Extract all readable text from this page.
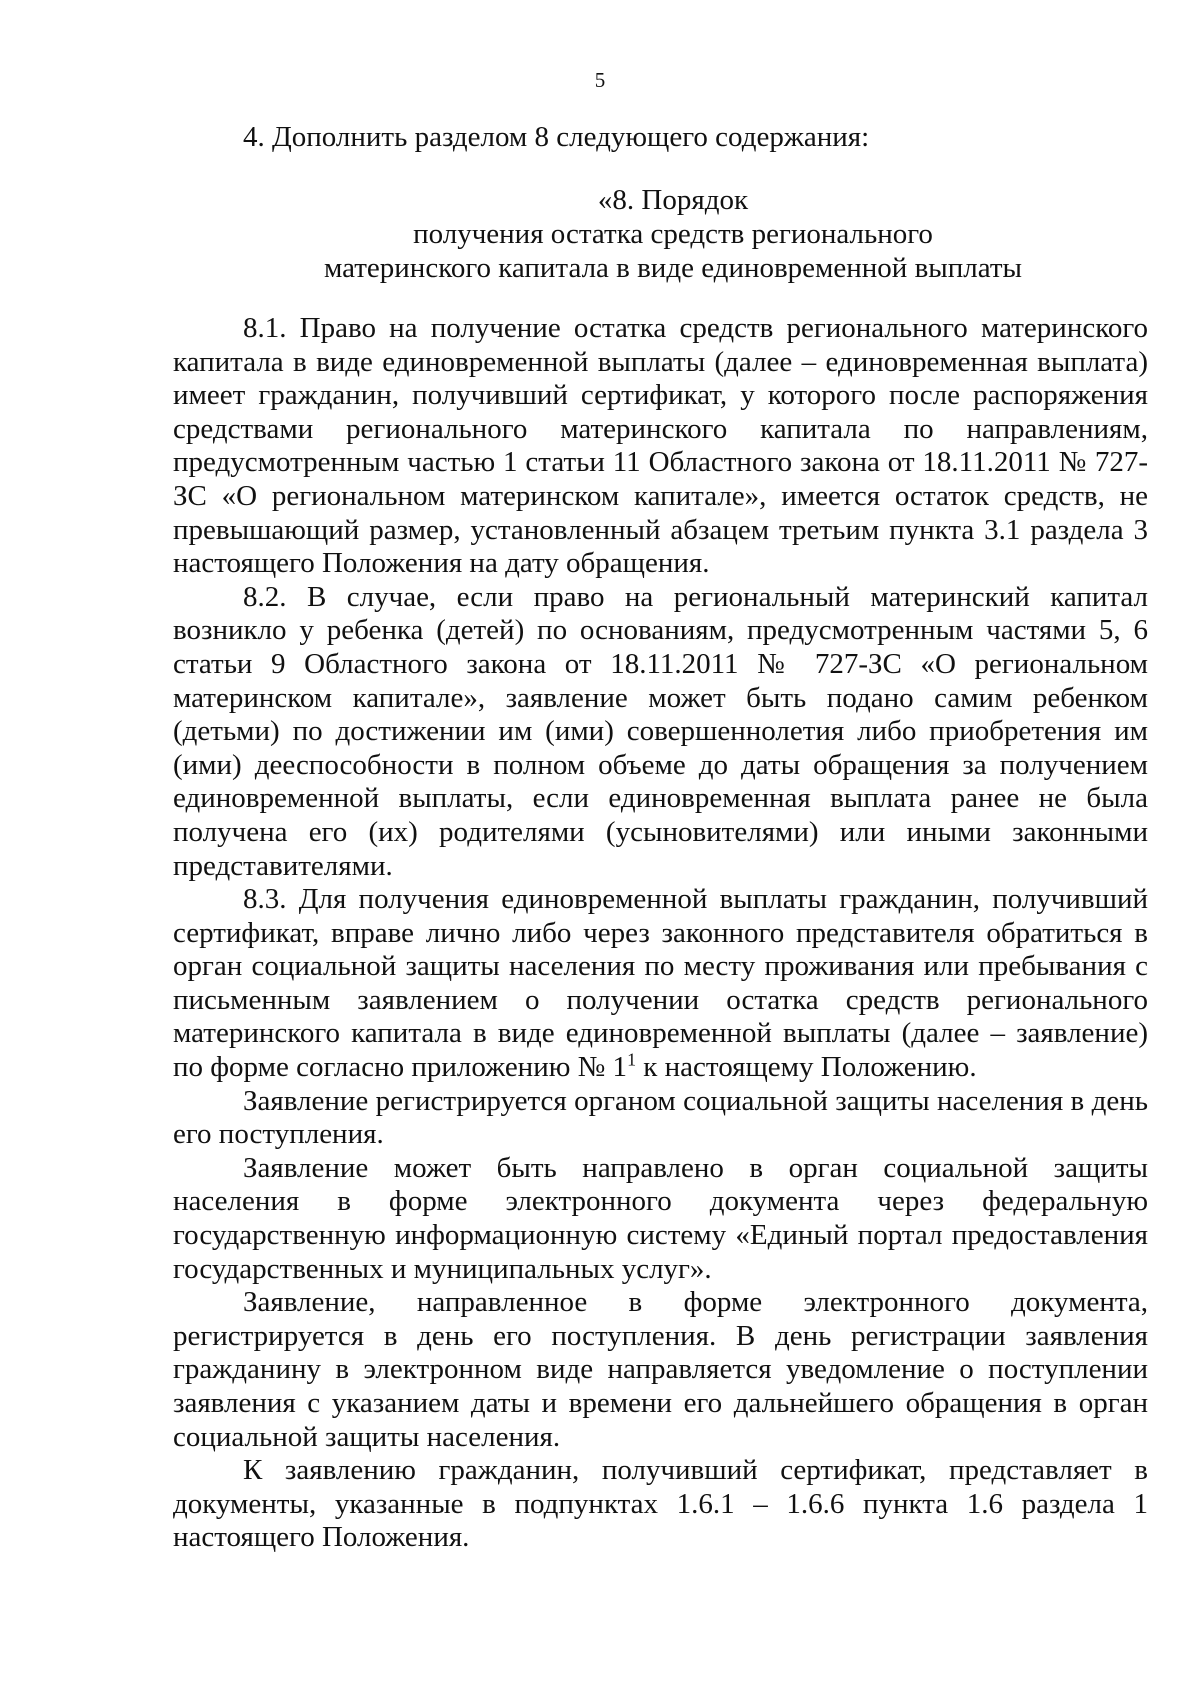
5
4. Дополнить разделом 8 следующего содержания:
«8. Порядок
получения остатка средств регионального
материнского капитала в виде единовременной выплаты

8.1. Право на получение остатка средств регионального материнского капитала в виде единовременной выплаты (далее – единовременная выплата) имеет гражданин, получивший сертификат, у которого после распоряжения средствами регионального материнского капитала по направлениям, предусмотренным частью 1 статьи 11 Областного закона от 18.11.2011 № 727-ЗС «О региональном материнском капитале», имеется остаток средств, не превышающий размер, установленный абзацем третьим пункта 3.1 раздела 3 настоящего Положения на дату обращения.

8.2. В случае, если право на региональный материнский капитал возникло у ребенка (детей) по основаниям, предусмотренным частями 5, 6 статьи 9 Областного закона от 18.11.2011 № 727-ЗС «О региональном материнском капитале», заявление может быть подано самим ребенком (детьми) по достижении им (ими) совершеннолетия либо приобретения им (ими) дееспособности в полном объеме до даты обращения за получением единовременной выплаты, если единовременная выплата ранее не была получена его (их) родителями (усыновителями) или иными законными представителями.

8.3. Для получения единовременной выплаты гражданин, получивший сертификат, вправе лично либо через законного представителя обратиться в орган социальной защиты населения по месту проживания или пребывания с письменным заявлением о получении остатка средств регионального материнского капитала в виде единовременной выплаты (далее – заявление) по форме согласно приложению № $1^1$ к настоящему Положению.

Заявление регистрируется органом социальной защиты населения в день его поступления.

Заявление может быть направлено в орган социальной защиты населения в форме электронного документа через федеральную государственную информационную систему «Единый портал предоставления государственных и муниципальных услуг».

Заявление, направленное в форме электронного документа, регистрируется в день его поступления. В день регистрации заявления гражданину в электронном виде направляется уведомление о поступлении заявления с указанием даты и времени его дальнейшего обращения в орган социальной защиты населения.

К заявлению гражданин, получивший сертификат, представляет в документы, указанные в подпунктах 1.6.1 – 1.6.6 пункта 1.6 раздела 1 настоящего Положения.
